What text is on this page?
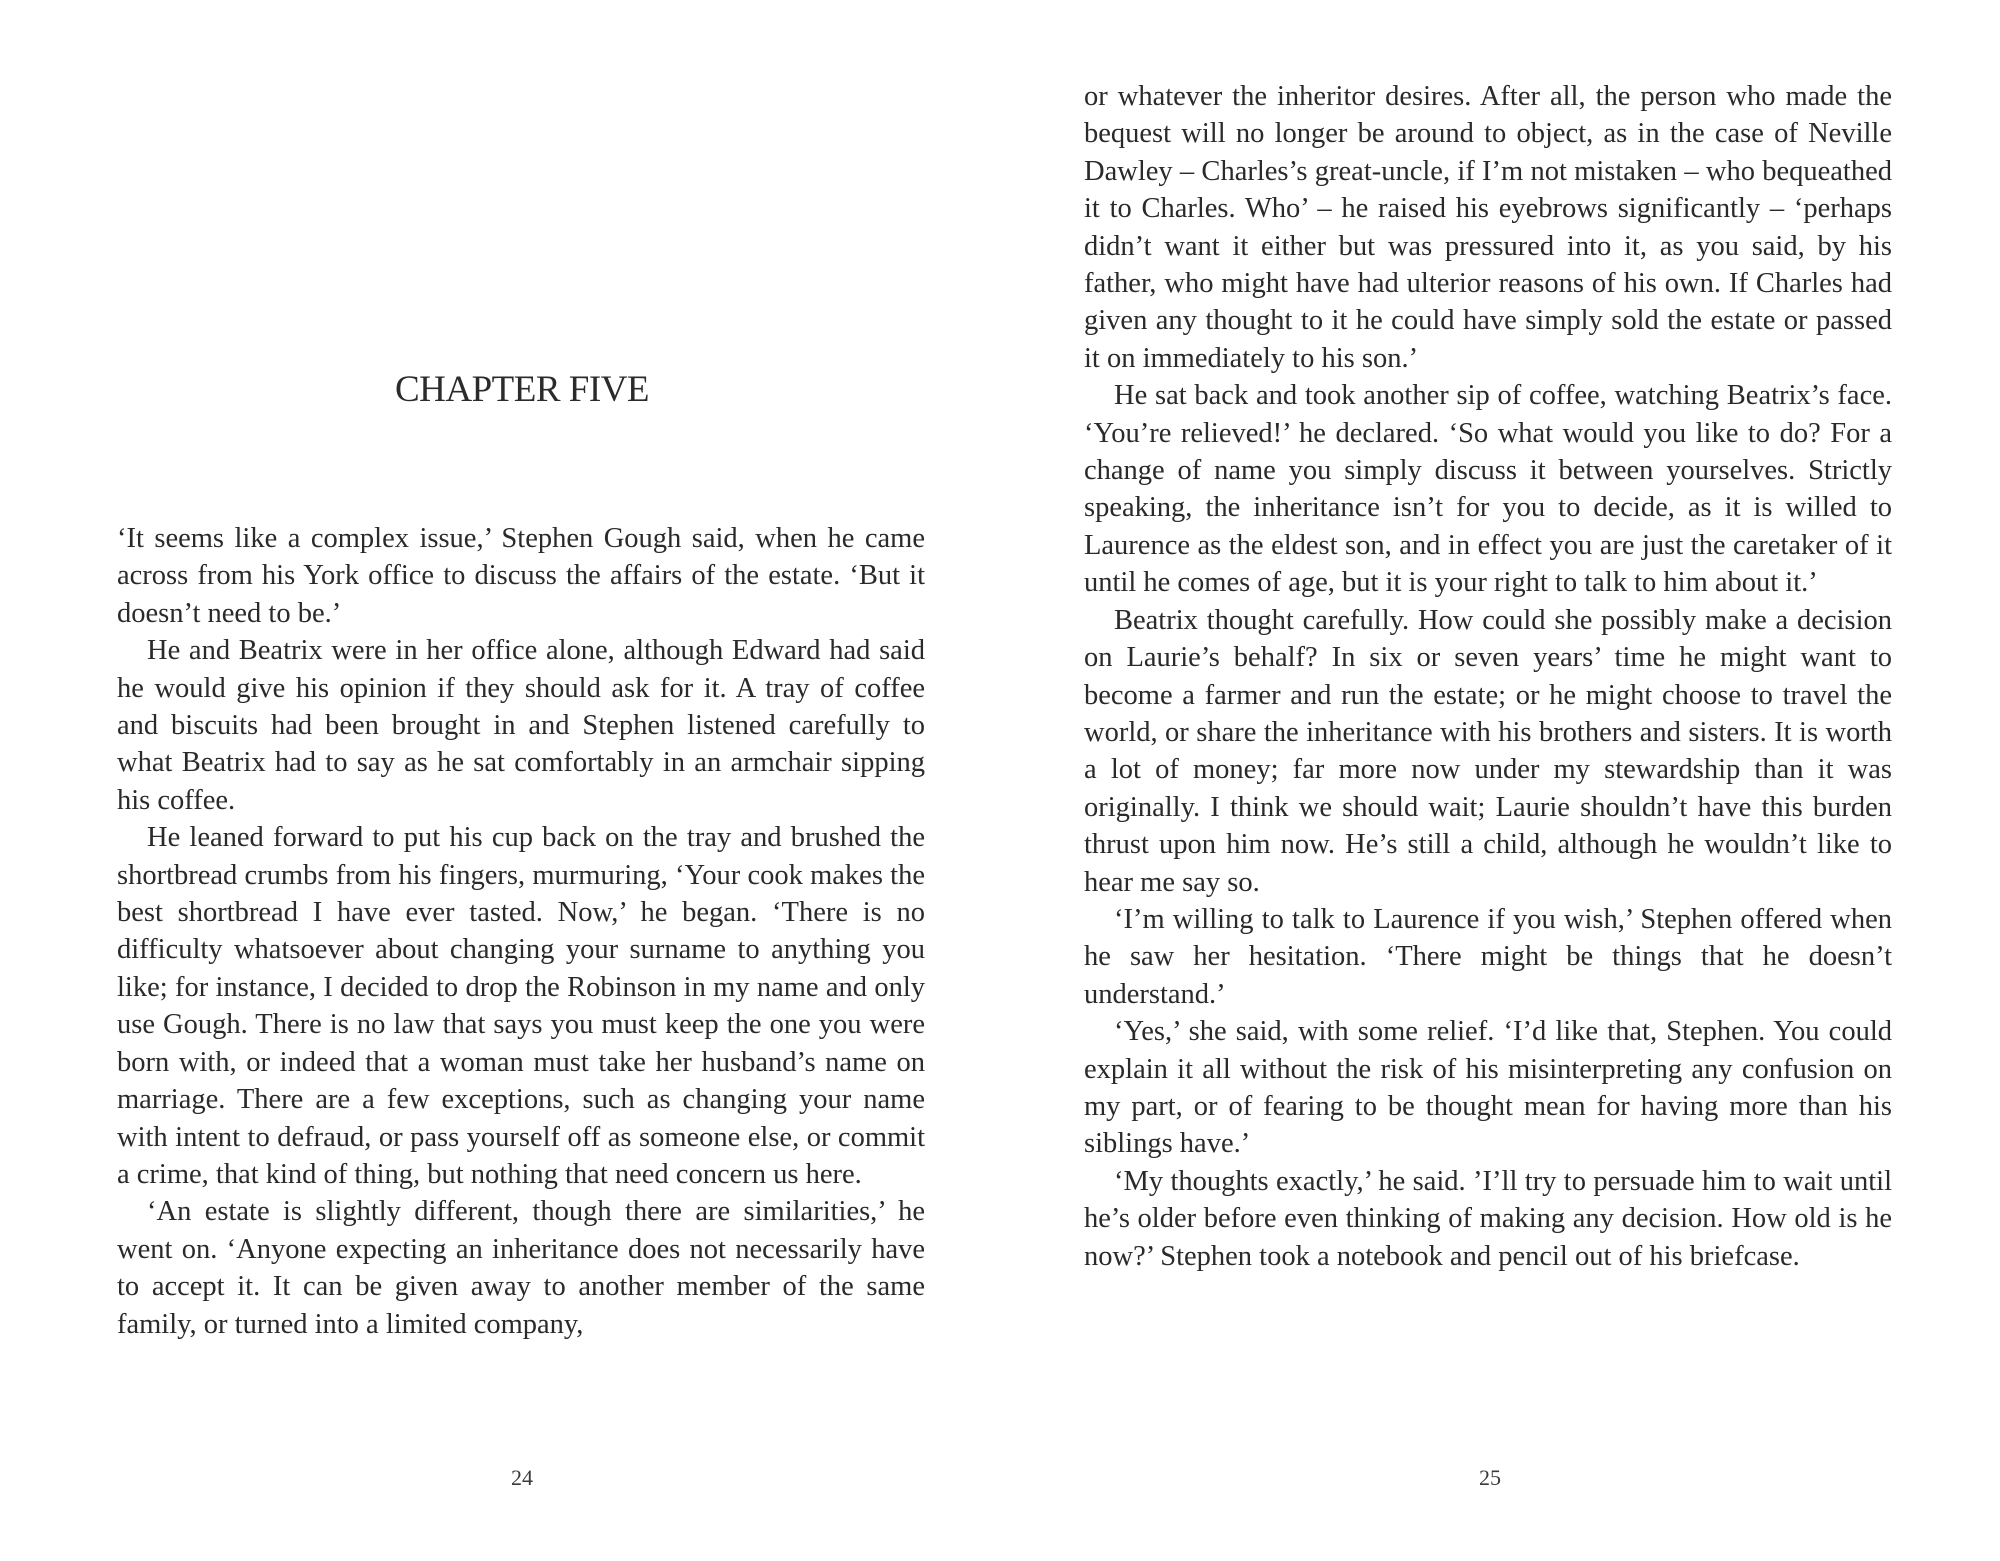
CHAPTER FIVE

‘It seems like a complex issue,’ Stephen Gough said, when he came across from his York office to discuss the affairs of the estate. ‘But it doesn’t need to be.’

He and Beatrix were in her office alone, although Edward had said he would give his opinion if they should ask for it. A tray of coffee and biscuits had been brought in and Stephen listened carefully to what Beatrix had to say as he sat comfortably in an armchair sipping his coffee.

He leaned forward to put his cup back on the tray and brushed the shortbread crumbs from his fingers, murmuring, ‘Your cook makes the best shortbread I have ever tasted. Now,’ he began. ‘There is no difficulty whatsoever about changing your surname to anything you like; for instance, I decided to drop the Robinson in my name and only use Gough. There is no law that says you must keep the one you were born with, or indeed that a woman must take her husband’s name on marriage. There are a few exceptions, such as changing your name with intent to defraud, or pass yourself off as someone else, or commit a crime, that kind of thing, but nothing that need concern us here.

‘An estate is slightly different, though there are similarities,’ he went on. ‘Anyone expecting an inheritance does not necessarily have to accept it. It can be given away to another member of the same family, or turned into a limited company,

24

or whatever the inheritor desires. After all, the person who made the bequest will no longer be around to object, as in the case of Neville Dawley – Charles’s great-uncle, if I’m not mistaken – who bequeathed it to Charles. Who’ – he raised his eyebrows significantly – ‘perhaps didn’t want it either but was pressured into it, as you said, by his father, who might have had ulterior reasons of his own. If Charles had given any thought to it he could have simply sold the estate or passed it on immediately to his son.’

He sat back and took another sip of coffee, watching Beatrix’s face. ‘You’re relieved!’ he declared. ‘So what would you like to do? For a change of name you simply discuss it between yourselves. Strictly speaking, the inheritance isn’t for you to decide, as it is willed to Laurence as the eldest son, and in effect you are just the caretaker of it until he comes of age, but it is your right to talk to him about it.’

Beatrix thought carefully. How could she possibly make a decision on Laurie’s behalf? In six or seven years’ time he might want to become a farmer and run the estate; or he might choose to travel the world, or share the inheritance with his brothers and sisters. It is worth a lot of money; far more now under my stewardship than it was originally. I think we should wait; Laurie shouldn’t have this burden thrust upon him now. He’s still a child, although he wouldn’t like to hear me say so.

‘I’m willing to talk to Laurence if you wish,’ Stephen offered when he saw her hesitation. ‘There might be things that he doesn’t understand.’

‘Yes,’ she said, with some relief. ‘I’d like that, Stephen. You could explain it all without the risk of his misinterpreting any confusion on my part, or of fearing to be thought mean for having more than his siblings have.’

‘My thoughts exactly,’ he said. ’I’ll try to persuade him to wait until he’s older before even thinking of making any decision. How old is he now?’ Stephen took a notebook and pencil out of his briefcase.

25
